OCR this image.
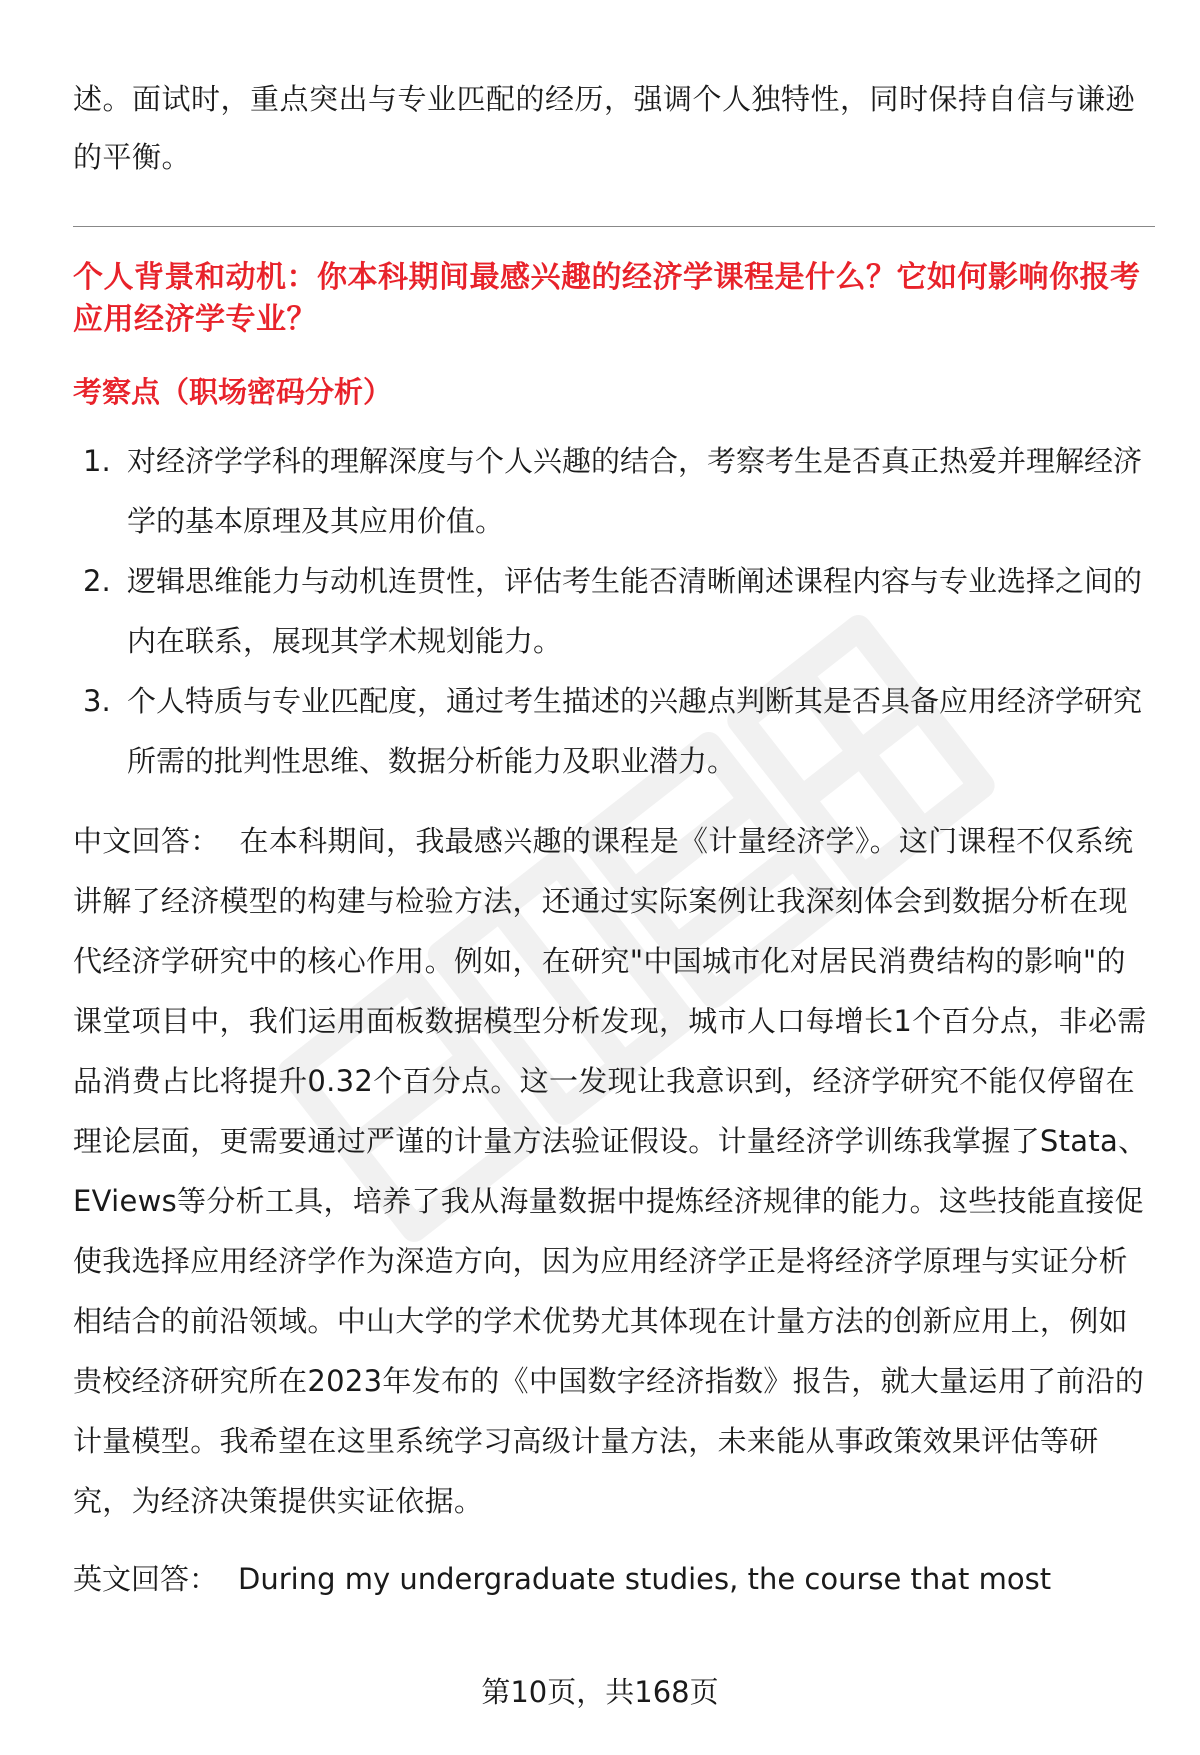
述。面试时，重点突出与专业匹配的经历，强调个人独特性，同时保持自信与谦逊的平衡。

个人背景和动机：你本科期间最感兴趣的经济学课程是什么？它如何影响你报考应用经济学专业？

考察点（职场密码分析）

1. 对经济学学科的理解深度与个人兴趣的结合，考察考生是否真正热爱并理解经济学的基本原理及其应用价值。
2. 逻辑思维能力与动机连贯性，评估考生能否清晰阐述课程内容与专业选择之间的内在联系，展现其学术规划能力。
3. 个人特质与专业匹配度，通过考生描述的兴趣点判断其是否具备应用经济学研究所需的批判性思维、数据分析能力及职业潜力。

中文回答： 在本科期间，我最感兴趣的课程是《计量经济学》。这门课程不仅系统讲解了经济模型的构建与检验方法，还通过实际案例让我深刻体会到数据分析在现代经济学研究中的核心作用。例如，在研究"中国城市化对居民消费结构的影响"的课堂项目中，我们运用面板数据模型分析发现，城市人口每增长1个百分点，非必需品消费占比将提升0.32个百分点。这一发现让我意识到，经济学研究不能仅停留在理论层面，更需要通过严谨的计量方法验证假设。计量经济学训练我掌握了Stata、EViews等分析工具，培养了我从海量数据中提炼经济规律的能力。这些技能直接促使我选择应用经济学作为深造方向，因为应用经济学正是将经济学原理与实证分析相结合的前沿领域。中山大学的学术优势尤其体现在计量方法的创新应用上，例如贵校经济研究所在2023年发布的《中国数字经济指数》报告，就大量运用了前沿的计量模型。我希望在这里系统学习高级计量方法，未来能从事政策效果评估等研究，为经济决策提供实证依据。

英文回答： During my undergraduate studies, the course that most

第10页，共168页
